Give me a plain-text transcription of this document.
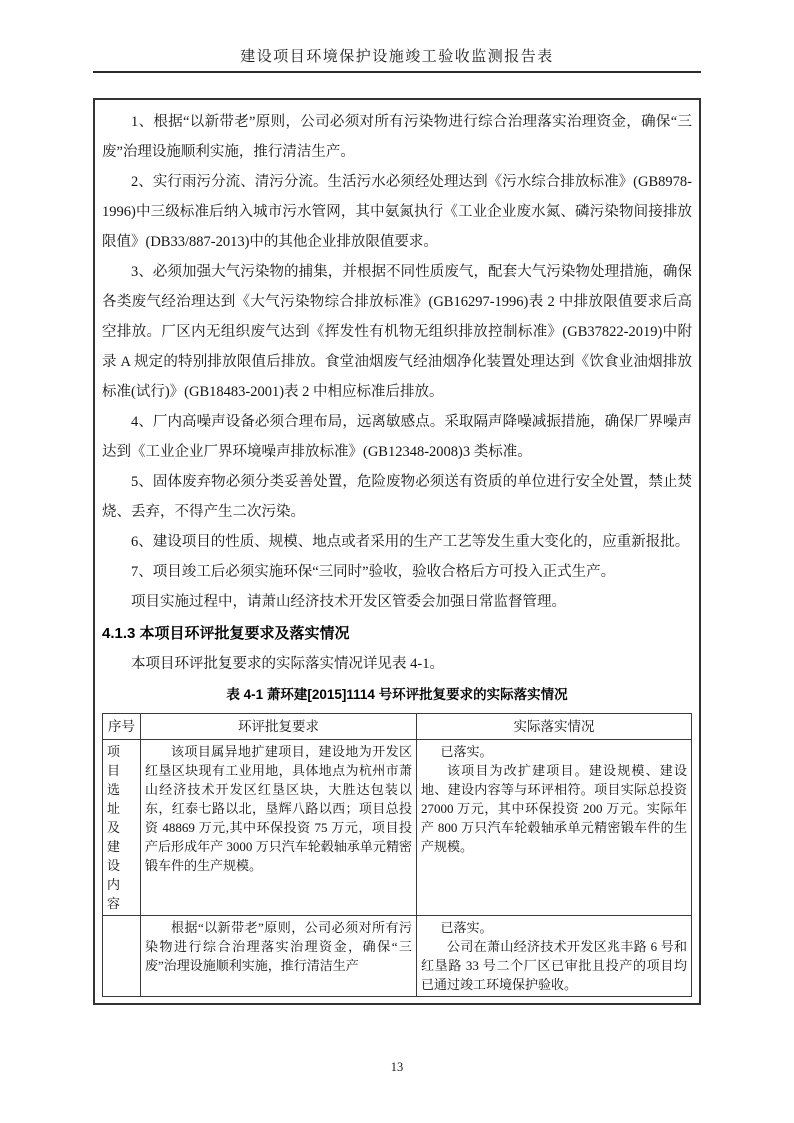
建设项目环境保护设施竣工验收监测报告表

1、根据“以新带老”原则，公司必须对所有污染物进行综合治理落实治理资金，确保“三废”治理设施顺利实施，推行清洁生产。

2、实行雨污分流、清污分流。生活污水必须经处理达到《污水综合排放标准》(GB8978-1996)中三级标准后纳入城市污水管网，其中氨氮执行《工业企业废水氮、磷污染物间接排放限值》(DB33/887-2013)中的其他企业排放限值要求。

3、必须加强大气污染物的捕集，并根据不同性质废气，配套大气污染物处理措施，确保各类废气经治理达到《大气污染物综合排放标准》(GB16297-1996)表 2 中排放限值要求后高空排放。厂区内无组织废气达到《挥发性有机物无组织排放控制标准》(GB37822-2019)中附录 A 规定的特别排放限值后排放。食堂油烟废气经油烟净化装置处理达到《饮食业油烟排放标准(试行)》(GB18483-2001)表 2 中相应标准后排放。

4、厂内高噪声设备必须合理布局，远离敏感点。采取隔声降噪减振措施，确保厂界噪声达到《工业企业厂界环境噪声排放标准》(GB12348-2008)3 类标准。

5、固体废弃物必须分类妥善处置，危险废物必须送有资质的单位进行安全处置，禁止焚烧、丢弃，不得产生二次污染。

6、建设项目的性质、规模、地点或者采用的生产工艺等发生重大变化的，应重新报批。

7、项目竣工后必须实施环保“三同时”验收，验收合格后方可投入正式生产。

项目实施过程中，请萧山经济技术开发区管委会加强日常监督管理。

4.1.3 本项目环评批复要求及落实情况

本项目环评批复要求的实际落实情况详见表 4-1。

表 4-1 萧环建[2015]1114 号环评批复要求的实际落实情况
序号	环评批复要求	实际落实情况
项 目 选 址 及 建 设 内 容	该项目属异地扩建项目，建设地为开发区红垦区块现有工业用地，具体地点为杭州市萧山经济技术开发区红垦区块，大胜达包装以东，红泰七路以北，垦辉八路以西；项目总投资 48869 万元,其中环保投资 75 万元，项目投产后形成年产 3000 万只汽车轮毂轴承单元精密锻车件的生产规模。	已落实。

该项目为改扩建项目。建设规模、建设地、建设内容等与环评相符。项目实际总投资 27000 万元，其中环保投资 200 万元。实际年产 800 万只汽车轮毂轴承单元精密锻车件的生产规模。

	根据“以新带老”原则，公司必须对所有污染物进行综合治理落实治理资金，确保“三废”治理设施顺利实施，推行清洁生产	已落实。

公司在萧山经济技术开发区兆丰路 6 号和红垦路 33 号二个厂区已审批且投产的项目均已通过竣工环境保护验收。

13
